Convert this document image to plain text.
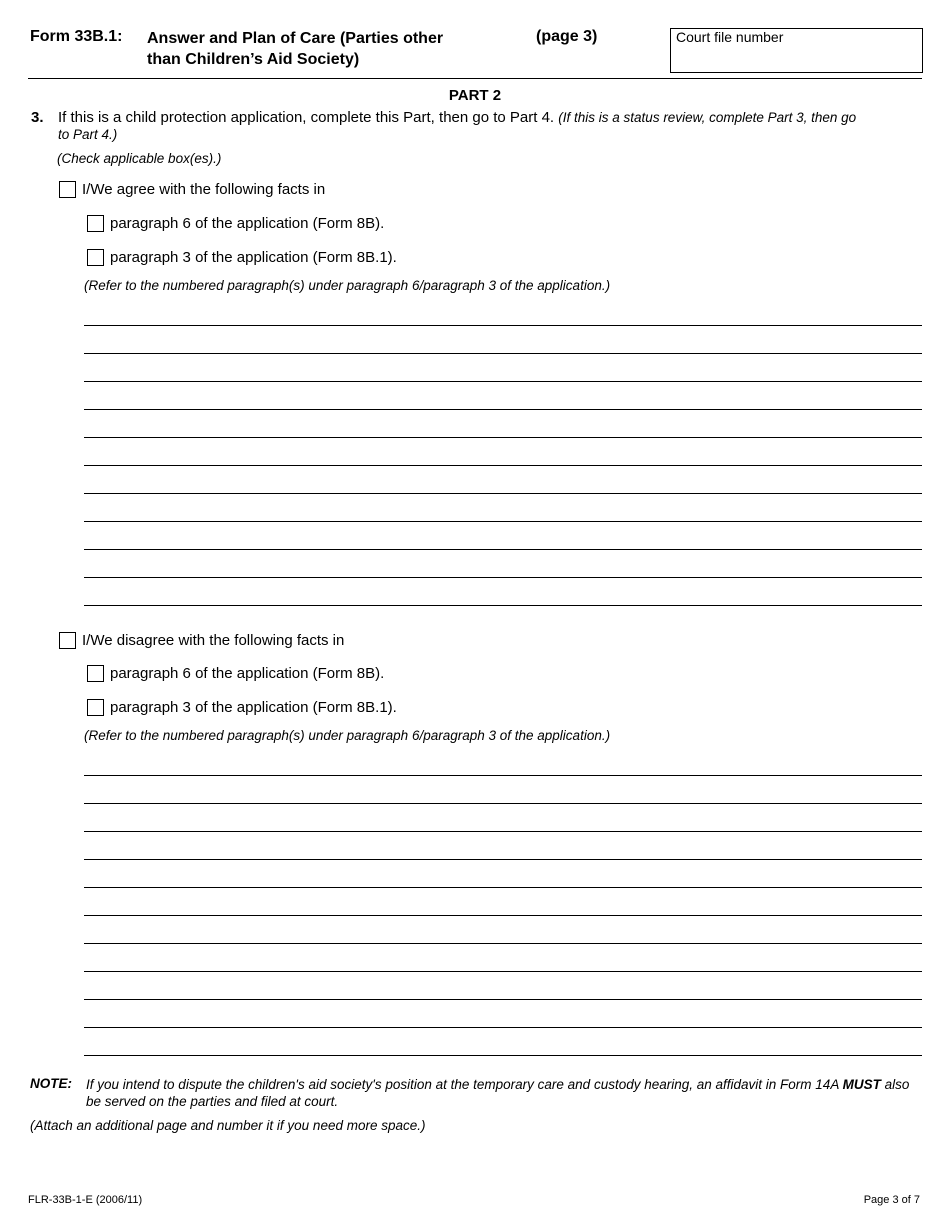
Form 33B.1: Answer and Plan of Care (Parties other
than Children’s Aid Society)
(page 3)	Court file number
PART 2
3. If this is a child protection application, complete this Part, then go to Part 4. (If this is a status review, complete Part 3, then go to Part 4.)
(Check applicable box(es).)
I/We agree with the following facts in
paragraph 6 of the application (Form 8B).
paragraph 3 of the application (Form 8B.1).
(Refer to the numbered paragraph(s) under paragraph 6/paragraph 3 of the application.)
I/We disagree with the following facts in
paragraph 6 of the application (Form 8B).
paragraph 3 of the application (Form 8B.1).
(Refer to the numbered paragraph(s) under paragraph 6/paragraph 3 of the application.)
NOTE: If you intend to dispute the children's aid society's position at the temporary care and custody hearing, an affidavit in Form 14A MUST also be served on the parties and filed at court.
(Attach an additional page and number it if you need more space.)
FLR-33B-1-E (2006/11)	Page 3 of 7
